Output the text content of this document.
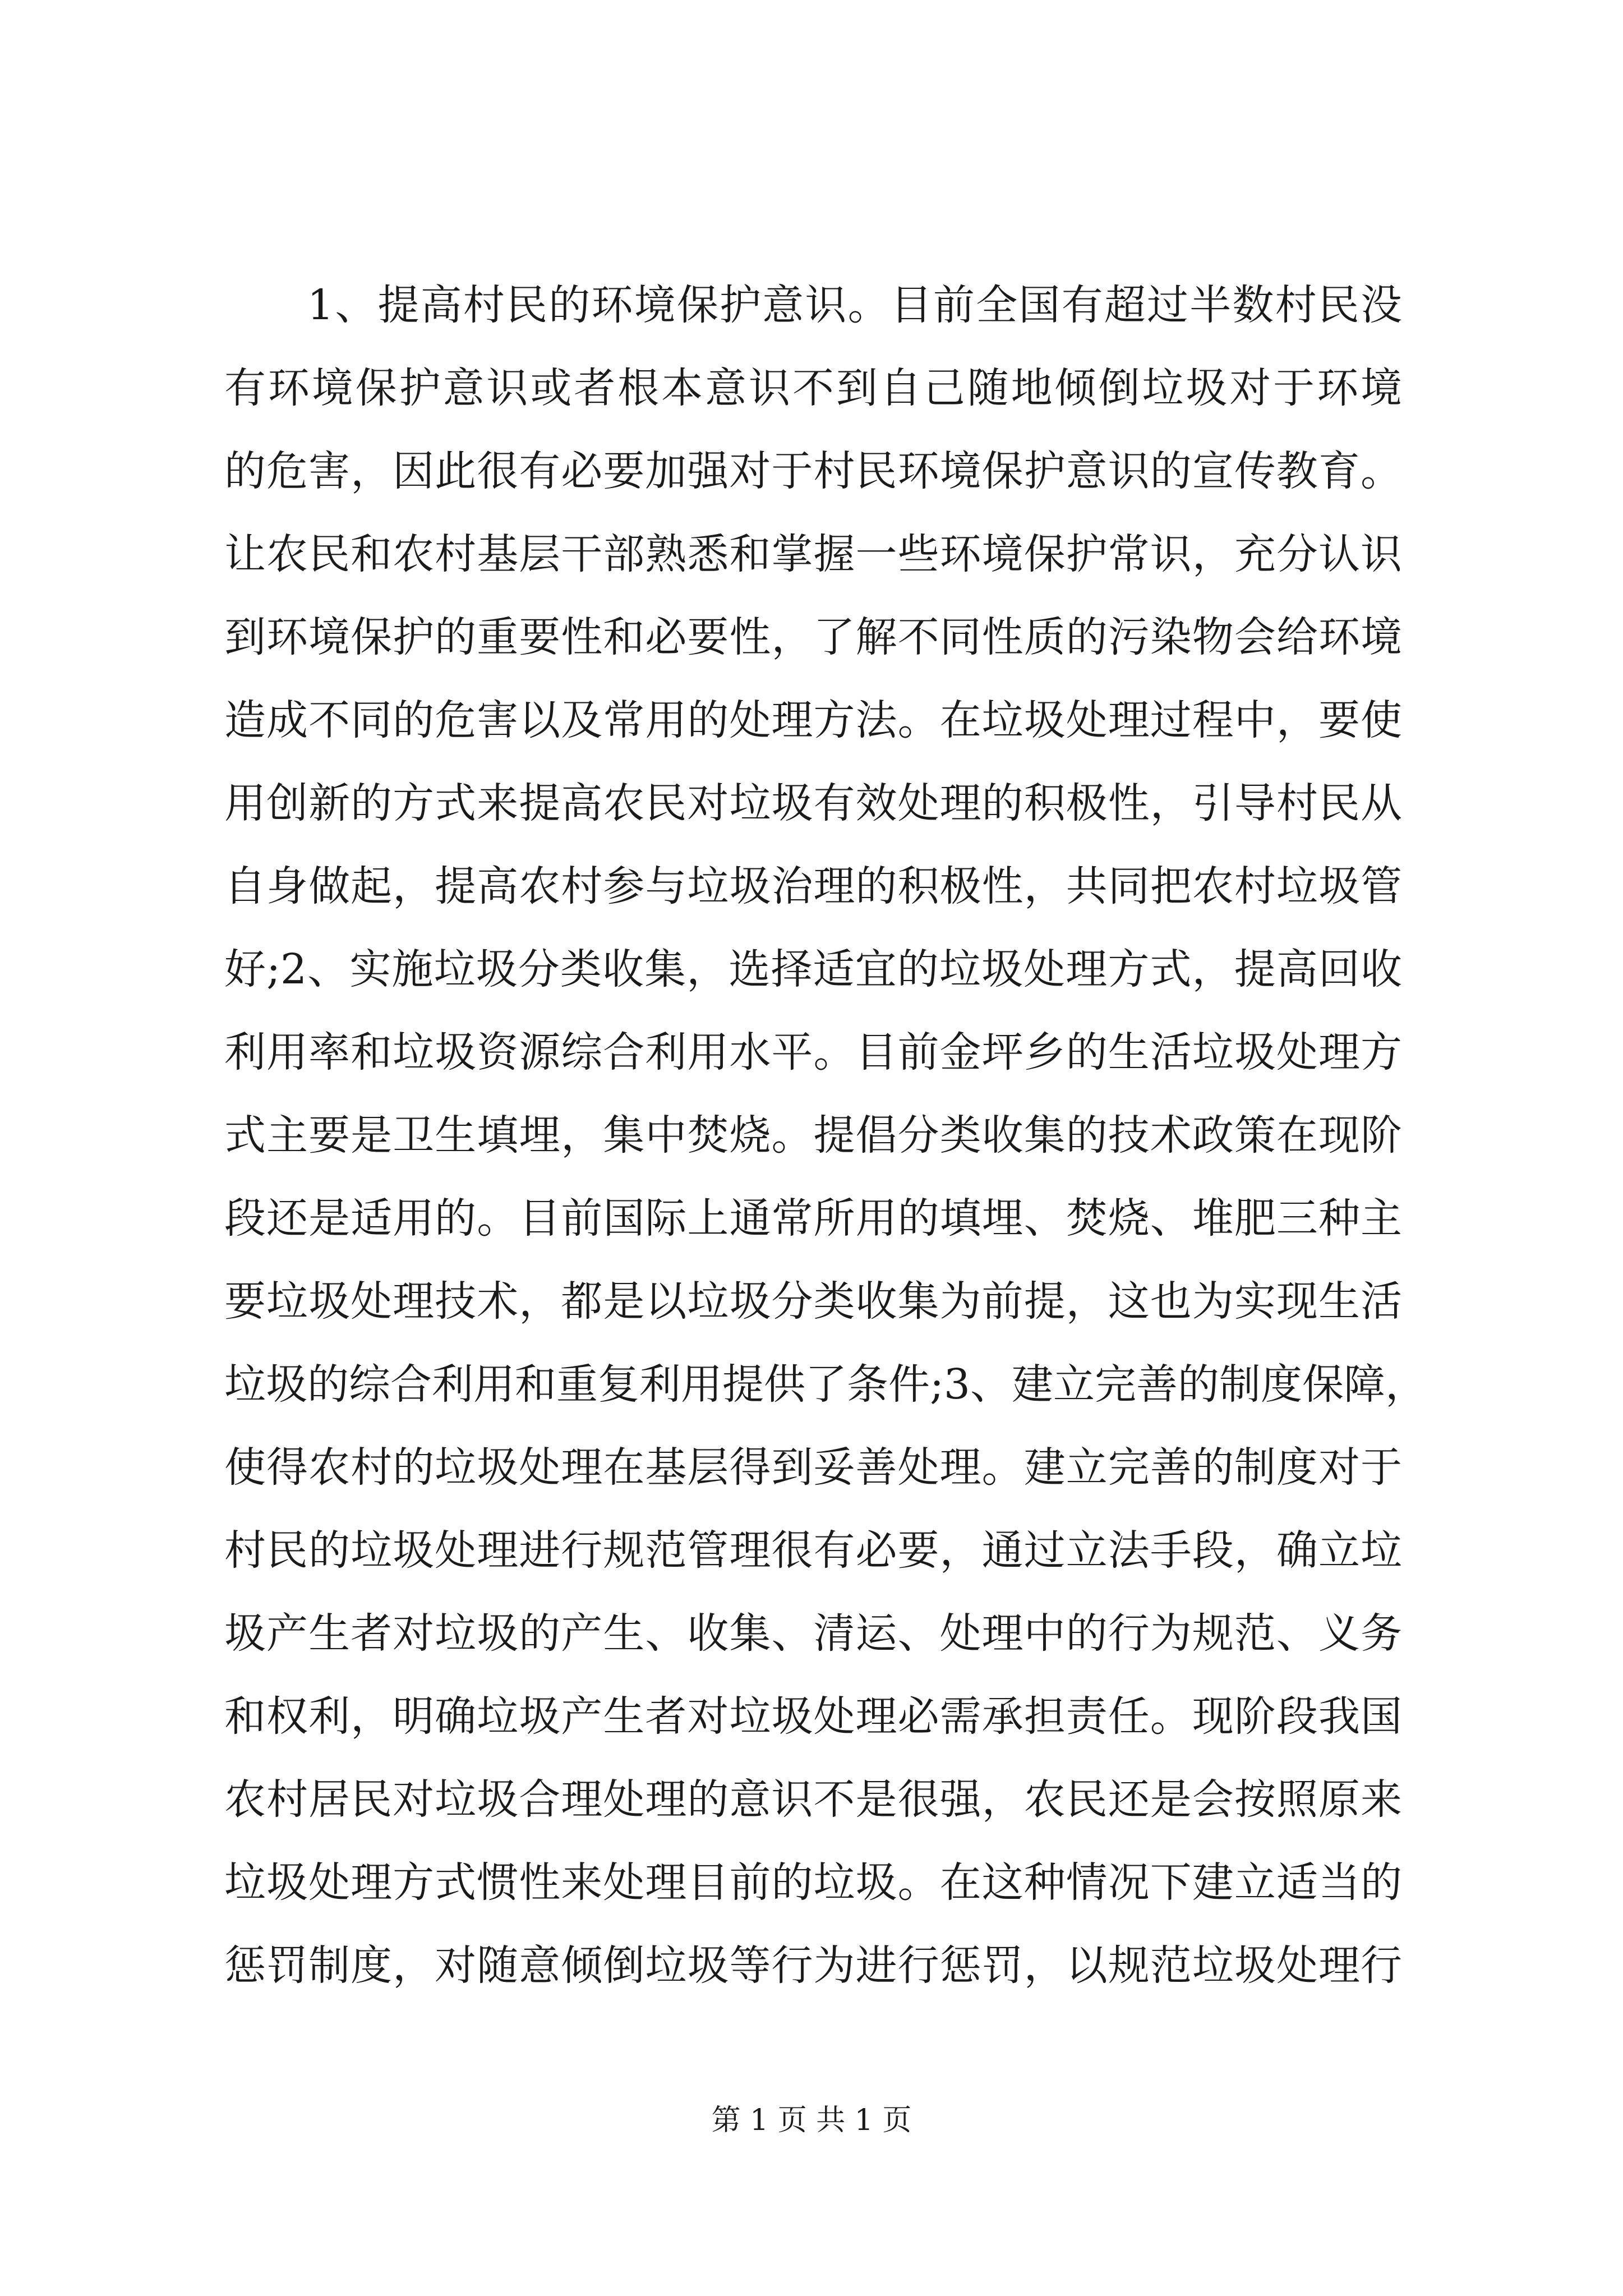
1、提高村民的环境保护意识。目前全国有超过半数村民没
有环境保护意识或者根本意识不到自己随地倾倒垃圾对于环境
的危害，因此很有必要加强对于村民环境保护意识的宣传教育。
让农民和农村基层干部熟悉和掌握一些环境保护常识，充分认识
到环境保护的重要性和必要性，了解不同性质的污染物会给环境
造成不同的危害以及常用的处理方法。在垃圾处理过程中，要使
用创新的方式来提高农民对垃圾有效处理的积极性，引导村民从
自身做起，提高农村参与垃圾治理的积极性，共同把农村垃圾管
好;2、实施垃圾分类收集，选择适宜的垃圾处理方式，提高回收
利用率和垃圾资源综合利用水平。目前金坪乡的生活垃圾处理方
式主要是卫生填埋，集中焚烧。提倡分类收集的技术政策在现阶
段还是适用的。目前国际上通常所用的填埋、焚烧、堆肥三种主
要垃圾处理技术，都是以垃圾分类收集为前提，这也为实现生活
垃圾的综合利用和重复利用提供了条件;3、建立完善的制度保障，
使得农村的垃圾处理在基层得到妥善处理。建立完善的制度对于
村民的垃圾处理进行规范管理很有必要，通过立法手段，确立垃
圾产生者对垃圾的产生、收集、清运、处理中的行为规范、义务
和权利，明确垃圾产生者对垃圾处理必需承担责任。现阶段我国
农村居民对垃圾合理处理的意识不是很强，农民还是会按照原来
垃圾处理方式惯性来处理目前的垃圾。在这种情况下建立适当的
惩罚制度，对随意倾倒垃圾等行为进行惩罚，以规范垃圾处理行
第 1 页 共 1 页
